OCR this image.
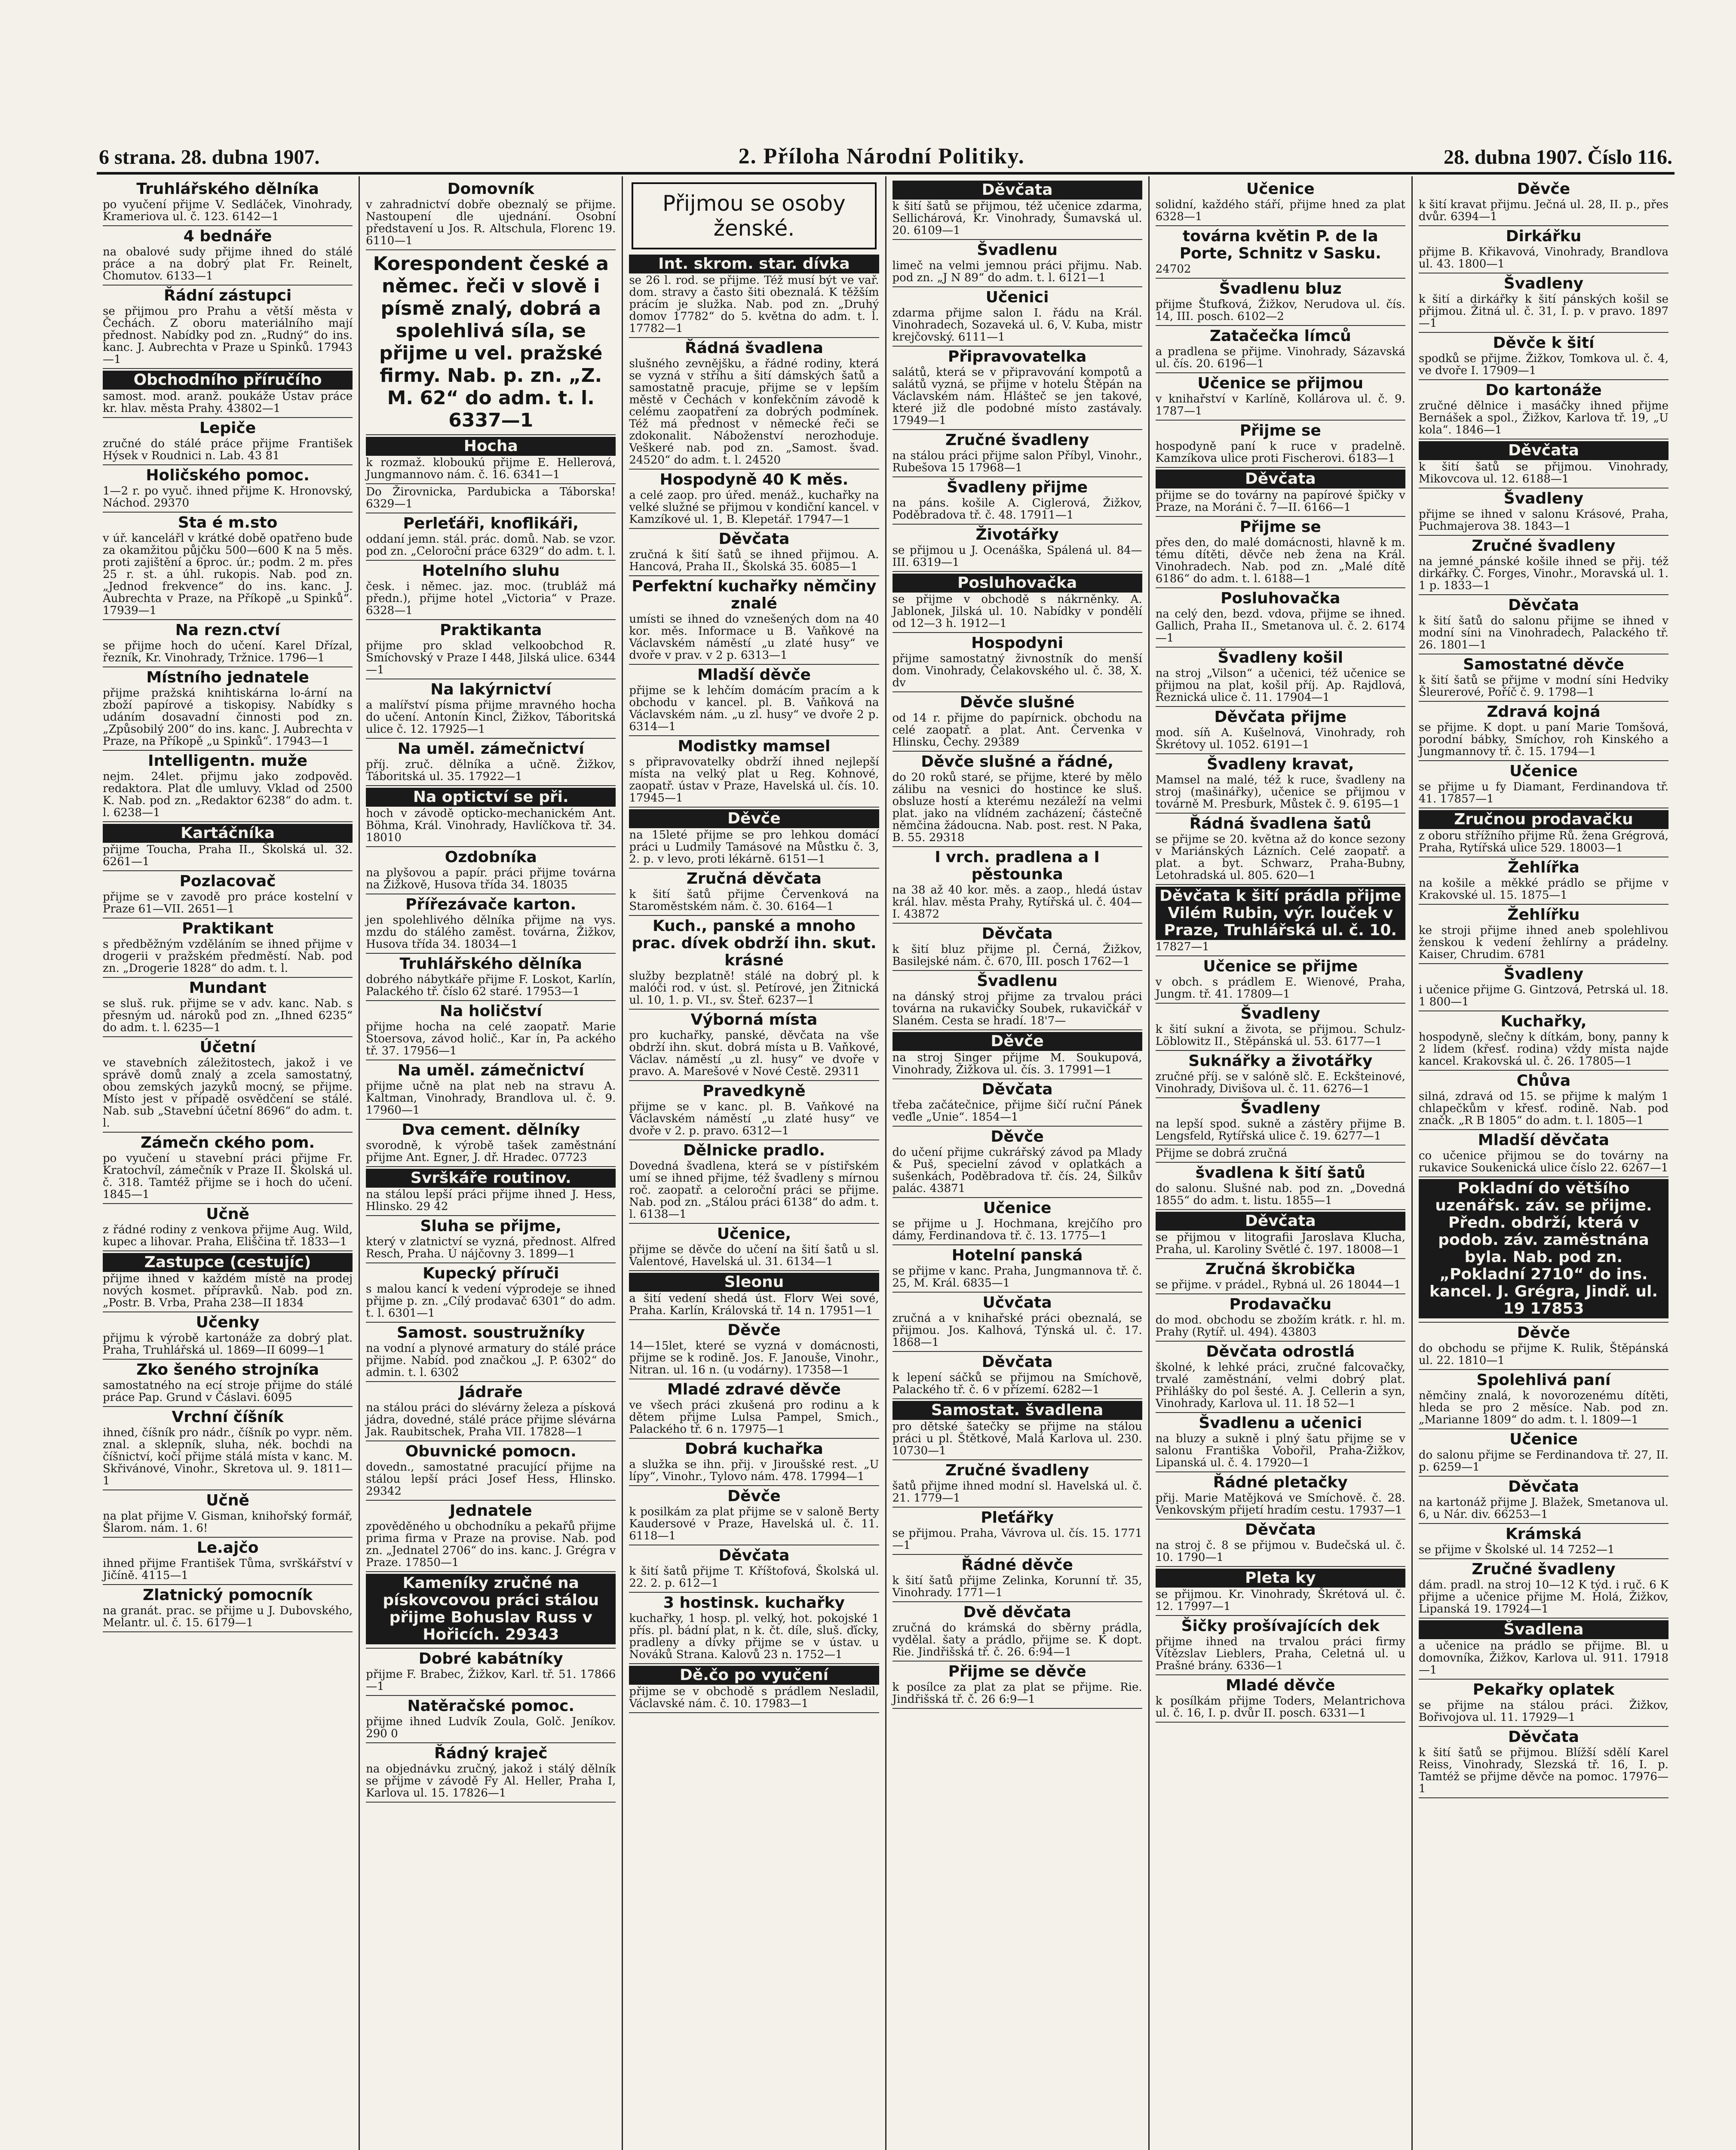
6 strana. 28. dubna 1907.	2. Příloha Národní Politiky.	28. dubna 1907. Číslo 116.
Truhlářského dělníka
po vyučení přijme V. Sedláček, Vinohrady, Krameriova ul. č. 123. 6142—1
4 bednáře
na obalové sudy přijme ihned do stálé práce a na dobrý plat Fr. Reinelt, Chomutov. 6133—1
Řádní zástupci
se přijmou pro Prahu a větší města v Čechách. Z oboru materiálního mají přednost. Nabídky pod zn. „Rudný“ do ins. kanc. J. Aubrechta v Praze u Spinků. 17943—1
Obchodního příručího
samost. mod. aranž. poukáže Ústav práce kr. hlav. města Prahy. 43802—1
Lepiče
zručné do stálé práce přijme František Hýsek v Roudnici n. Lab. 43 81
Holičského pomoc.
1—2 r. po vyuč. ihned přijme K. Hronovský, Náchod. 29370
Sta é m.sto
v úř. kancelářl v krátké době opatřeno bude za okamžitou půjčku 500—600 K na 5 měs. proti zajištění a 6proc. úr.; podm. 2 m. přes 25 r. st. a úhl. rukopis. Nab. pod zn. „Jednod frekvence“ do ins. kanc. J. Aubrechta v Praze, na Příkopě „u Spinků“. 17939—1
Na rezn.ctví
se přijme hoch do učení. Karel Dřízal, řezník, Kr. Vinohrady, Tržnice. 1796—1
Místního jednatele
přijme pražská knihtiskárna lo-ární na zboží papírové a tiskopisy. Nabídky s udáním dosavadní činnosti pod zn. „Způsobilý 200“ do ins. kanc. J. Aubrechta v Praze, na Příkopě „u Spinků“. 17943—1
Intelligentn. muže
nejm. 24let. přijmu jako zodpověd. redaktora. Plat dle umluvy. Vklad od 2500 K. Nab. pod zn. „Redaktor 6238“ do adm. t. l. 6238—1
Kartáčníka
přijme Toucha, Praha II., Školská ul. 32. 6261—1
Pozlacovač
přijme se v zavodě pro práce kostelní v Praze 61—VII. 2651—1
Praktikant
s předběžným vzděláním se ihned přijme v drogerii v pražském předměstí. Nab. pod zn. „Drogerie 1828“ do adm. t. l.
Mundant
se sluš. ruk. přijme se v adv. kanc. Nab. s přesným ud. nároků pod zn. „Ihned 6235“ do adm. t. l. 6235—1
Účetní
ve stavebních záležitostech, jakož i ve správě domů znalý a zcela samostatný, obou zemských jazyků mocný, se přijme. Místo jest v případě osvědčení se stálé. Nab. sub „Stavební účetní 8696“ do adm. t. l.
Zámečn ckého pom.
po vyučení u stavební práci přijme Fr. Kratochvíl, zámečník v Praze II. Školská ul. č. 318. Tamtéž přijme se i hoch do učení. 1845—1
Učně
z řádné rodiny z venkova přijme Aug. Wild, kupec a lihovar. Praha, Eliščina tř. 1833—1
Zastupce (cestujíc)
přijme ihned v každém místě na prodej nových kosmet. přípravků. Nab. pod zn. „Postr. B. Vrba, Praha 238—II 1834
Učenky
přijmu k výrobě kartonáže za dobrý plat. Praha, Truhlářská ul. 1869—II 6099—1
Zko šeného strojníka
samostatného na ecí stroje přijme do stálé práce Pap. Grund v Čáslavi. 6095
Vrchní číšník
ihned, číšník pro nádr., číšník po vypr. něm. znal. a sklepník, sluha, nék. bochdi na číšnictví, kočí přijme stálá místa v kanc. M. Skřivánové, Vinohr., Skretova ul. 9. 1811—1
Učně
na plat přijme V. Gisman, knihořský formář, Šlarom. nám. 1. 6!
Le.ajčo
ihned přijme František Tůma, svrškářství v Jičíně. 4115—1
Zlatnický pomocník
na granát. prac. se přijme u J. Dubovského, Melantr. ul. č. 15. 6179—1
Domovník
v zahradnictví dobře obeznalý se přijme. Nastoupení dle ujednání. Osobní představení u Jos. R. Altschula, Florenc 19. 6110—1
Korespondent české a němec. řeči v slově i písmě znalý, dobrá a spolehlivá síla, se přijme u vel. pražské firmy. Nab. p. zn. „Z. M. 62“ do adm. t. l. 6337—1
Hocha
k rozmaž. kloboukú přijme E. Hellerová, Jungmannovo nám. č. 16. 6341—1
Do Žirovnicka, Pardubicka a Táborska! 6329—1
Perleťáři, knoflikáři,
oddaní jemn. stál. prác. domů. Nab. se vzor. pod zn. „Celoroční práce 6329“ do adm. t. l.
Hotelního sluhu
česk. i němec. jaz. moc. (trubláž má předn.), přijme hotel „Victoria“ v Praze. 6328—1
Praktikanta
přijme pro sklad velkoobchod R. Smíchovský v Praze I 448, Jilská ulice. 6344—1
Na lakýrnictví
a malířství písma přijme mravného hocha do učení. Antonín Kincl, Žižkov, Táboritská ulice č. 12. 17925—1
Na uměl. zámečnictví
příj. zruč. dělníka a učně. Žižkov, Táboritská ul. 35. 17922—1
Na optictví se při.
hoch v závodě opticko-mechanickém Ant. Böhma, Král. Vinohrady, Havlíčkova tř. 34. 18010
Ozdobníka
na plyšovou a papír. práci přijme továrna na Žižkově, Husova třída 34. 18035
Přířezávače karton.
jen spolehlivého dělníka přijme na vys. mzdu do stálého zaměst. továrna, Žižkov, Husova třída 34. 18034—1
Truhlářského dělníka
dobrého nábytkáře přijme F. Loskot, Karlín, Palackého tř. číslo 62 staré. 17953—1
Na holičství
přijme hocha na celé zaopatř. Marie Stoersova, závod holič., Kar ín, Pa ackého tř. 37. 17956—1
Na uměl. zámečnictví
přijme učně na plat neb na stravu A. Kaltman, Vinohrady, Brandlova ul. č. 9. 17960—1
Dva cement. dělníky
svorodně, k výrobě tašek zaměstnání přijme Ant. Egner, J. dř. Hradec. 07723
Svrškáře routinov.
na stálou lepší práci přijme ihned J. Hess, Hlinsko. 29 42
Sluha se přijme,
který v zlatnictví se vyzná, přednost. Alfred Resch, Praha. Ú nájčovny 3. 1899—1
Kupecký příruči
s malou kancí k vedení výprodeje se ihned přijme p. zn. „Cílý prodavač 6301“ do adm. t. l. 6301—1
Samost. soustružníky
na vodní a plynové armatury do stálé práce přijme. Nabíd. pod značkou „J. P. 6302“ do admin. t. l. 6302
Jádraře
na stálou práci do slévárny železa a písková jádra, dovedné, stálé práce přijme slévárna Jak. Raubitschek, Praha VII. 17828—1
Obuvnické pomocn.
dovedn., samostatné pracující přijme na stálou lepší práci Josef Hess, Hlinsko. 29342
Jednatele
zpověděného u obchodníku a pekařů přijme prima firma v Praze na provise. Nab. pod zn. „Jednatel 2706“ do ins. kanc. J. Grégra v Praze. 17850—1
Kameníky zručné na pískovcovou práci stálou přijme Bohuslav Russ v Hořicích. 29343
Dobré kabátníky
přijme F. Brabec, Žižkov, Karl. tř. 51. 17866—1
Natěračské pomoc.
přijme ihned Ludvík Zoula, Golč. Jeníkov. 290 0
Řádný kraječ
na objednávku zručný, jakož i stálý dělník se přijme v závodě Fy Al. Heller, Praha I, Karlova ul. 15. 17826—1
Přijmou se osoby ženské.
Int. skrom. star. dívka
se 26 l. rod. se přijme. Též musí být ve vař. dom. stravy a často šiti obeznalá. K těžším prácím je služka. Nab. pod zn. „Druhý domov 17782“ do 5. května do adm. t. l. 17782—1
Řádná švadlena
slušného zevnějšku, a řádné rodiny, která se vyzná v stříhu a šití dámských šatů a samostatně pracuje, přijme se v lepším městě v Čechách v konfekčním závodě k celému zaopatření za dobrých podmínek. Též má přednost v německé řeči se zdokonalit. Náboženství nerozhoduje. Veškeré nab. pod zn. „Samost. švad. 24520“ do adm. t. l. 24520
Hospodyně 40 K měs.
a celé zaop. pro úřed. menáž., kuchařky na velké služné se přijmou v kondiční kancel. v Kamzíkové ul. 1, B. Klepetář. 17947—1
Děvčata
zručná k šití šatů se ihned přijmou. A. Hancová, Praha II., Školská 35. 6085—1
Perfektní kuchařky němčiny znalé
umísti se ihned do vznešených dom na 40 kor. měs. Informace u B. Vaňkové na Václavském náměstí „u zlaté husy“ ve dvoře v prav. v 2 p. 6313—1
Mladší děvče
přijme se k lehčím domácím pracím a k obchodu v kancel. pl. B. Vaňková na Václavském nám. „u zl. husy“ ve dvoře 2 p. 6314—1
Modistky mamsel
s připravovatelky obdrží ihned nejlepší místa na velký plat u Reg. Kohnové, zaopatř. ústav v Praze, Havelská ul. čís. 10. 17945—1
Děvče
na 15leté přijme se pro lehkou domácí práci u Ludmily Tamásové na Můstku č. 3, 2. p. v levo, proti lékárně. 6151—1
Zručná děvčata
k šití šatů přijme Červenková na Staroměstském nám. č. 30. 6164—1
Kuch., panské a mnoho prac. dívek obdrží ihn. skut. krásné
služby bezplatně! stálé na dobrý pl. k malóči rod. v úst. sl. Petírové, jen Žitnická ul. 10, 1. p. VI., sv. Šteř. 6237—1
Výborná místa
pro kuchařky, panské, děvčata na vše obdrží ihn. skut. dobrá místa u B. Vaňkové, Václav. náměstí „u zl. husy“ ve dvoře v pravo. A. Marešové v Nové Cestě. 29311
Pravedkyně
přijme se v kanc. pl. B. Vaňkové na Václavském náměstí „u zlaté husy“ ve dvoře v 2. p. pravo. 6312—1
Dělnicke pradlo.
Dovedná švadlena, která se v pístiřském umí se ihned přijme, též švadleny s mírnou roč. zaopatř. a celoroční práci se přijme. Nab. pod zn. „Stálou práci 6138“ do adm. t. l. 6138—1
Učenice,
přijme se děvče do učení na šití šatů u sl. Valentové, Havelská ul. 31. 6134—1
Sleonu
a šití vedení shedá úst. Florv Wei sové, Praha. Karlín, Královská tř. 14 n. 17951—1
Děvče
14—15let, které se vyzná v domácnosti, přijme se k rodině. Jos. F. Janouše, Vinohr., Nitran. ul. 16 n. (u vodárny). 17358—1
Mladé zdravé děvče
ve všech práci zkušená pro rodinu a k dětem přijme Lulsa Pampel, Smich., Palackého tř. 6 n. 17975—1
Dobrá kuchařka
a služka se ihn. přij. v Jiroušské rest. „U lípy“, Vinohr., Tylovo nám. 478. 17994—1
Děvče
k posilkám za plat přijme se v saloně Berty Kaudersové v Praze, Havelská ul. č. 11. 6118—1
Děvčata
k šití šatů přijme T. Kříštofová, Školská ul. 22. 2. p. 612—1
3 hostinsk. kuchařky
kuchařky, 1 hosp. pl. velký, hot. pokojské 1 přís. pl. bádní plat, n k. čt. díle, sluš. ďícky, pradleny a dívky přijme se v ústav. u Nováků Strana. Kalovů 23 n. 1752—1
Dě.čo po vyučení
přijme se v obchodě s prádlem Nesladil, Václavské nám. č. 10. 17983—1
Děvčata
k šití šatů se přijmou, též učenice zdarma, Sellichárová, Kr. Vinohrady, Šumavská ul. 20. 6109—1
Švadlenu
limeč na velmi jemnou práci přijmu. Nab. pod zn. „J N 89“ do adm. t. l. 6121—1
Učenici
zdarma přijme salon I. řádu na Král. Vinohradech, Sozaveká ul. 6, V. Kuba, mistr krejčovský. 6111—1
Připravovatelka
salátů, která se v připravování kompotů a salátů vyzná, se přijme v hotelu Štěpán na Václavském nám. Hlášteč se jen takové, které již dle podobné místo zastávaly. 17949—1
Zručné švadleny
na stálou práci přijme salon Příbyl, Vinohr., Rubešova 15 17968—1
Švadleny přijme
na páns. košile A. Ciglerová, Žižkov, Poděbradova tř. č. 48. 17911—1
Životářky
se přijmou u J. Ocenáška, Spálená ul. 84—III. 6319—1
Posluhovačka
se přijme v obchodě s nákrněnky. A. Jablonek, Jilská ul. 10. Nabídky v pondělí od 12—3 h. 1912—1
Hospodyni
přijme samostatný živnostník do menší dom. Vinohrady, Čelakovského ul. č. 38, X. dv
Děvče slušné
od 14 r. přijme do papírnick. obchodu na celé zaopatř. a plat. Ant. Červenka v Hlinsku, Čechy. 29389
Děvče slušné a řádné,
do 20 roků staré, se přijme, které by mělo zálibu na vesnici do hostince ke sluš. obsluze hostí a kterému nezáleží na velmi plat. jako na vlídném zacházení; částečně němčina žádoucna. Nab. post. rest. N Paka, B. 55. 29318
I vrch. pradlena a I pěstounka
na 38 až 40 kor. měs. a zaop., hledá ústav král. hlav. města Prahy, Rytířská ul. č. 404—I. 43872
Děvčata
k šití bluz přijme pl. Černá, Žižkov, Basilejské nám. č. 670, III. posch 1762—1
Švadlenu
na dánský stroj přijme za trvalou práci továrna na rukavičky Soubek, rukavičkář v Slaném. Cesta se hradí. 18'7—
Děvče
na stroj Singer přijme M. Soukupová, Vinohrady, Žižkova ul. čís. 3. 17991—1
Děvčata
třeba začátečnice, přijme šičí ruční Pánek veďle „Unie“. 1854—1
Děvče
do učení přijme cukrářský závod pa Mlady & Puš, specielní závod v oplatkách a sušenkách, Poděbradova tř. čís. 24, Šilkův palác. 43871
Učenice
se přijme u J. Hochmana, krejčího pro dámy, Ferdinandova tř. č. 13. 1775—1
Hotelní panská
se přijme v kanc. Praha, Jungmannova tř. č. 25, M. Král. 6835—1
Učvčata
zručná a v knihařské práci obeznalá, se přijmou. Jos. Kalhová, Týnská ul. č. 17. 1868—1
Děvčata
k lepení sáčků se přijmou na Smíchově, Palackého tř. č. 6 v přízemí. 6282—1
Samostat. švadlena
pro dětské šatečky se přijme na stálou práci u pl. Štětkové, Malá Karlova ul. 230. 10730—1
Zručné švadleny
šatů přijme ihned modní sl. Havelská ul. č. 21. 1779—1
Pleťářky
se přijmou. Praha, Vávrova ul. čís. 15. 1771—1
Řádné děvče
k šití šatů přijme Zelinka, Korunní tř. 35, Vinohrady. 1771—1
Dvě děvčata
zručná do krámská do sběrny prádla, vydělal. šaty a prádlo, přijme se. K dopt. Rie. Jindřišská tř. č. 26. 6:94—1
Přijme se děvče
k posílce za plat za plat se přijme. Rie. Jindřišská tř. č. 26 6:9—1
Učenice
solidní, každého stáří, přijme hned za plat 6328—1
továrna květin P. de la Porte, Schnitz v Sasku.
24702
Švadlenu bluz
přijme Štufková, Žižkov, Nerudova ul. čís. 14, III. posch. 6102—2
Zatačečka límců
a pradlena se přijme. Vinohrady, Sázavská ul. čís. 20. 6196—1
Učenice se přijmou
v knihařství v Karlíně, Kollárova ul. č. 9. 1787—1
Přijme se
hospodyně paní k ruce v pradelně. Kamzíkova ulice proti Fischerovi. 6183—1
Děvčata
přijme se do továrny na papírové špičky v Praze, na Moráni č. 7—II. 6166—1
Přijme se
přes den, do malé domácnosti, hlavně k m. tému dítěti, děvče neb žena na Král. Vinohradech. Nab. pod zn. „Malé dítě 6186“ do adm. t. l. 6188—1
Posluhovačka
na celý den, bezd. vdova, přijme se ihned. Gallich, Praha II., Smetanova ul. č. 2. 6174—1
Švadleny košil
na stroj „Vilson“ a učenici, též učenice se přijmou na plat, košil příj. Ap. Rajdlová, Řeznická ulice č. 11. 17904—1
Děvčata přijme
mod. síň A. Kušelnová, Vinohrady, roh Škrétovy ul. 1052. 6191—1
Švadleny kravat,
Mamsel na malé, též k ruce, švadleny na stroj (mašinářky), učenice se přijmou v továrně M. Presburk, Můstek č. 9. 6195—1
Řádná švadlena šatů
se přijme se 20. května až do konce sezony v Mariánských Lázních. Celé zaopatř. a plat. a byt. Schwarz, Praha-Bubny, Letohradská ul. 805. 620—1
Děvčata k šití prádla přijme Vilém Rubin, výr. louček v Praze, Truhlářská ul. č. 10.
17827—1
Učenice se přijme
v obch. s prádlem E. Wienové, Praha, Jungm. tř. 41. 17809—1
Švadleny
k šití sukní a života, se přijmou. Schulz-Löblowitz II., Stěpánská ul. 53. 6177—1
Suknářky a životářky
zručné příj. se v salóně slč. E. Eckšteinové, Vinohrady, Divišova ul. č. 11. 6276—1
Švadleny
na lepší spod. sukně a zástěry přijme B. Lengsfeld, Rytířská ulice č. 19. 6277—1
Přijme se dobrá zručná
švadlena k šití šatů
do salonu. Slušné nab. pod zn. „Dovedná 1855“ do adm. t. listu. 1855—1
Děvčata
se přijmou v litografii Jaroslava Klucha, Praha, ul. Karoliny Světlé č. 197. 18008—1
Zručná škrobička
se přijme. v prádel., Rybná ul. 26 18044—1
Prodavačku
do mod. obchodu se zbožím krátk. r. hl. m. Prahy (Rytíř. ul. 494). 43803
Děvčata odrostlá
školné, k lehké práci, zručné falcovačky, trvalé zaměstnání, velmi dobrý plat. Přihlášky do pol šesté. A. J. Cellerin a syn, Vinohrady, Karlova ul. 11. 18 52—1
Švadlenu a učenici
na bluzy a sukně i plný šatu přijme se v salonu Františka Vobořil, Praha-Žižkov, Lipanská ul. č. 4. 17920—1
Řádné pletačky
přij. Marie Matějková ve Smíchově. č. 28. Venkovským přijetí hradím cestu. 17937—1
Děvčata
na stroj č. 8 se přijmou v. Budečská ul. č. 10. 1790—1
Pleta ky
se přijmou. Kr. Vinohrady, Škrétová ul. č. 12. 17997—1
Šičky prošívajících dek
přijme ihned na trvalou práci firmy Vítězslav Lieblers, Praha, Celetná ul. u Prašné brány. 6336—1
Mladé děvče
k posílkám přijme Toders, Melantrichova ul. č. 16, I. p. dvůr II. posch. 6331—1
Děvče
k šití kravat přijmu. Ječná ul. 28, II. p., přes dvůr. 6394—1
Dirkářku
přijme B. Křikavová, Vinohrady, Brandlova ul. 43. 1800—1
Švadleny
k šití a dirkářky k šití pánských košil se přijmou. Žitná ul. č. 31, I. p. v pravo. 1897—1
Děvče k šití
spodků se přijme. Žižkov, Tomkova ul. č. 4, ve dvoře I. 17909—1
Do kartonáže
zručné dělnice i masáčky ihned přijme Bernášek a spol., Žižkov, Karlova tř. 19, „U kola“. 1846—1
Děvčata
k šití šatů se přijmou. Vinohrady, Mikovcova ul. 12. 6188—1
Švadleny
přijme se ihned v salonu Krásové, Praha, Puchmajerova 38. 1843—1
Zručné švadleny
na jemné pánské košile ihned se přij. též dirkářky. Č. Forges, Vinohr., Moravská ul. 1. 1 p. 1833—1
Děvčata
k šití šatů do salonu přijme se ihned v modní síni na Vinohradech, Palackého tř. 26. 1801—1
Samostatné děvče
k šití šatů se přijme v modní síni Hedviky Šleurerové, Poříč č. 9. 1798—1
Zdravá kojná
se přijme. K dopt. u paní Marie Tomšová, porodní bábky, Smíchov, roh Kinského a Jungmannovy tř. č. 15. 1794—1
Učenice
se přijme u fy Diamant, Ferdinandova tř. 41. 17857—1
Zručnou prodavačku
z oboru střížního přijme Rů. žena Grégrová, Praha, Rytířská ulice 529. 18003—1
Žehlířka
na košile a měkké prádlo se přijme v Krakovské ul. 15. 1875—1
Žehlířku
ke stroji přijme ihned aneb spolehlivou ženskou k vedení žehlírny a prádelny. Kaiser, Chrudim. 6781
Švadleny
i učenice přijme G. Gintzová, Petrská ul. 18. 1 800—1
Kuchařky,
hospodyně, slečny k dítkám, bony, panny k 2 lidem (křesť. rodina) vždy místa najde kancel. Krakovská ul. č. 26. 17805—1
Chůva
silná, zdravá od 15. se přijme k malým 1 chlapečkům v křesť. rodině. Nab. pod značk. „R B 1805“ do adm. t. l. 1805—1
Mladší děvčata
co učenice přijmou se do továrny na rukavice Soukenická ulice číslo 22. 6267—1
Pokladní do většího uzenářsk. záv. se přijme. Předn. obdrží, která v podob. záv. zaměstnána byla. Nab. pod zn. „Pokladní 2710“ do ins. kancel. J. Grégra, Jindř. ul. 19 17853
Děvče
do obchodu se přijme K. Rulik, Štěpánská ul. 22. 1810—1
Spolehlivá paní
němčiny znalá, k novorozenému dítěti, hleda se pro 2 měsíce. Nab. pod zn. „Marianne 1809“ do adm. t. l. 1809—1
Učenice
do salonu přijme se Ferdinandova tř. 27, II. p. 6259—1
Děvčata
na kartonáž přijme J. Blažek, Smetanova ul. 6, u Nár. div. 66253—1
Krámská
se přijme v Školské ul. 14 7252—1
Zručné švadleny
dám. pradl. na stroj 10—12 K týd. i ruč. 6 K přijme a učenice přijme M. Holá, Žižkov, Lipanská 19. 17924—1
Švadlena
a učenice na prádlo se přijme. Bl. u domovníka, Žižkov, Karlova ul. 911. 17918—1
Pekařky oplatek
se přijme na stálou práci. Žižkov, Bořivojova ul. 11. 17929—1
Děvčata
k šití šatů se přijmou. Blížší sdělí Karel Reiss, Vinohrady, Slezská tř. 16, I. p. Tamtéž se přijme děvče na pomoc. 17976—1
